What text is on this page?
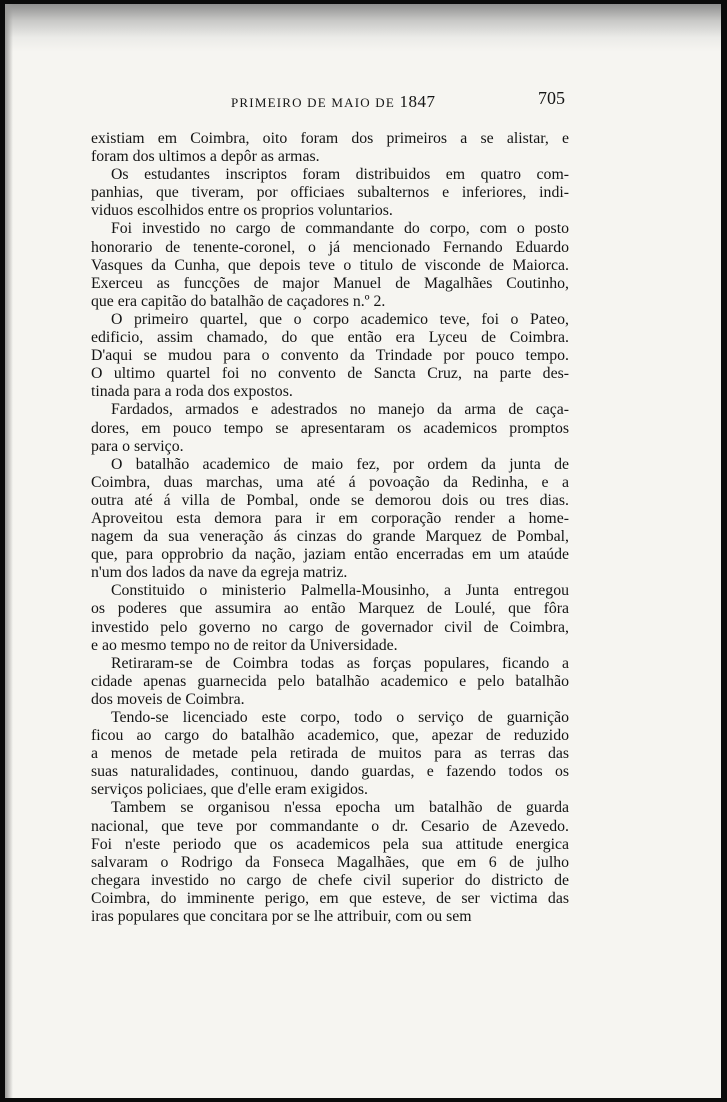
PRIMEIRO DE MAIO DE 1847	705
existiam em Coimbra, oito foram dos primeiros a se alistar, e
foram dos ultimos a depôr as armas.
Os estudantes inscriptos foram distribuidos em quatro com-
panhias, que tiveram, por officiaes subalternos e inferiores, indi-
viduos escolhidos entre os proprios voluntarios.
Foi investido no cargo de commandante do corpo, com o posto
honorario de tenente-coronel, o já mencionado Fernando Eduardo
Vasques da Cunha, que depois teve o titulo de visconde de Maiorca.
Exerceu as funcções de major Manuel de Magalhães Coutinho,
que era capitão do batalhão de caçadores n.º 2.
O primeiro quartel, que o corpo academico teve, foi o Pateo,
edificio, assim chamado, do que então era Lyceu de Coimbra.
D'aqui se mudou para o convento da Trindade por pouco tempo.
O ultimo quartel foi no convento de Sancta Cruz, na parte des-
tinada para a roda dos expostos.
Fardados, armados e adestrados no manejo da arma de caça-
dores, em pouco tempo se apresentaram os academicos promptos
para o serviço.
O batalhão academico de maio fez, por ordem da junta de
Coimbra, duas marchas, uma até á povoação da Redinha, e a
outra até á villa de Pombal, onde se demorou dois ou tres dias.
Aproveitou esta demora para ir em corporação render a home-
nagem da sua veneração ás cinzas do grande Marquez de Pombal,
que, para opprobrio da nação, jaziam então encerradas em um ataúde
n'um dos lados da nave da egreja matriz.
Constituido o ministerio Palmella-Mousinho, a Junta entregou
os poderes que assumira ao então Marquez de Loulé, que fôra
investido pelo governo no cargo de governador civil de Coimbra,
e ao mesmo tempo no de reitor da Universidade.
Retiraram-se de Coimbra todas as forças populares, ficando a
cidade apenas guarnecida pelo batalhão academico e pelo batalhão
dos moveis de Coimbra.
Tendo-se licenciado este corpo, todo o serviço de guarnição
ficou ao cargo do batalhão academico, que, apezar de reduzido
a menos de metade pela retirada de muitos para as terras das
suas naturalidades, continuou, dando guardas, e fazendo todos os
serviços policiaes, que d'elle eram exigidos.
Tambem se organisou n'essa epocha um batalhão de guarda
nacional, que teve por commandante o dr. Cesario de Azevedo.
Foi n'este periodo que os academicos pela sua attitude energica
salvaram o Rodrigo da Fonseca Magalhães, que em 6 de julho
chegara investido no cargo de chefe civil superior do districto de
Coimbra, do imminente perigo, em que esteve, de ser victima das
iras populares que concitara por se lhe attribuir, com ou sem
